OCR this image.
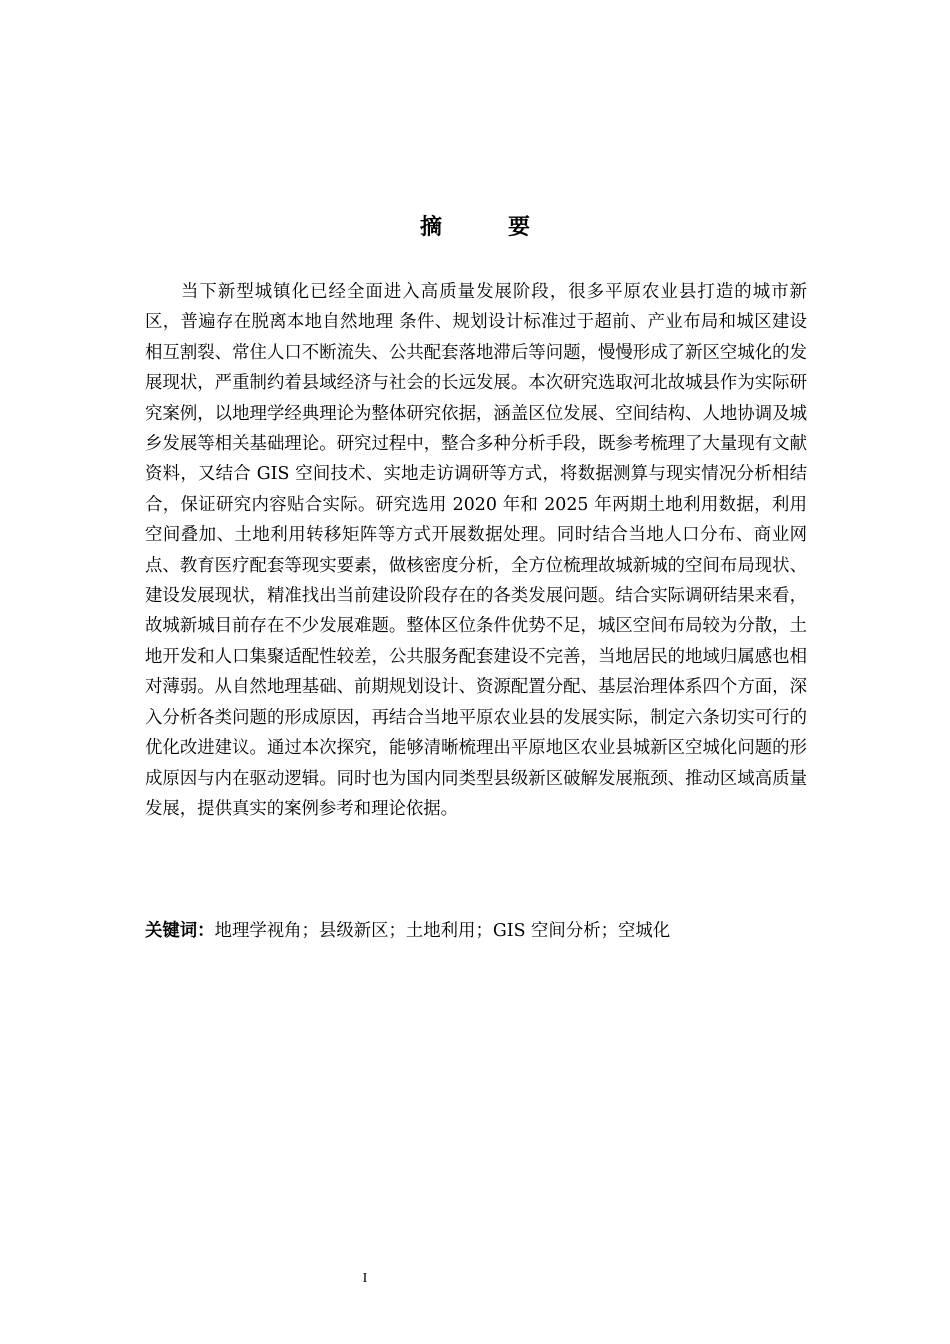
摘　要

当下新型城镇化已经全面进入高质量发展阶段，很多平原农业县打造的城市新区，普遍存在脱离本地自然地理 条件、规划设计标准过于超前、产业布局和城区建设相互割裂、常住人口不断流失、公共配套落地滞后等问题，慢慢形成了新区空城化的发展现状，严重制约着县域经济与社会的长远发展。本次研究选取河北故城县作为实际研究案例，以地理学经典理论为整体研究依据，涵盖区位发展、空间结构、人地协调及城乡发展等相关基础理论。研究过程中，整合多种分析手段，既参考梳理了大量现有文献资料，又结合 GIS 空间技术、实地走访调研等方式，将数据测算与现实情况分析相结合，保证研究内容贴合实际。研究选用 2020 年和 2025 年两期土地利用数据，利用空间叠加、土地利用转移矩阵等方式开展数据处理。同时结合当地人口分布、商业网点、教育医疗配套等现实要素，做核密度分析，全方位梳理故城新城的空间布局现状、建设发展现状，精准找出当前建设阶段存在的各类发展问题。结合实际调研结果来看，故城新城目前存在不少发展难题。整体区位条件优势不足，城区空间布局较为分散，土地开发和人口集聚适配性较差，公共服务配套建设不完善，当地居民的地域归属感也相对薄弱。从自然地理基础、前期规划设计、资源配置分配、基层治理体系四个方面，深入分析各类问题的形成原因，再结合当地平原农业县的发展实际，制定六条切实可行的优化改进建议。通过本次探究，能够清晰梳理出平原地区农业县城新区空城化问题的形成原因与内在驱动逻辑。同时也为国内同类型县级新区破解发展瓶颈、推动区域高质量发展，提供真实的案例参考和理论依据。

关键词：地理学视角；县级新区；土地利用；GIS 空间分析；空城化

I
